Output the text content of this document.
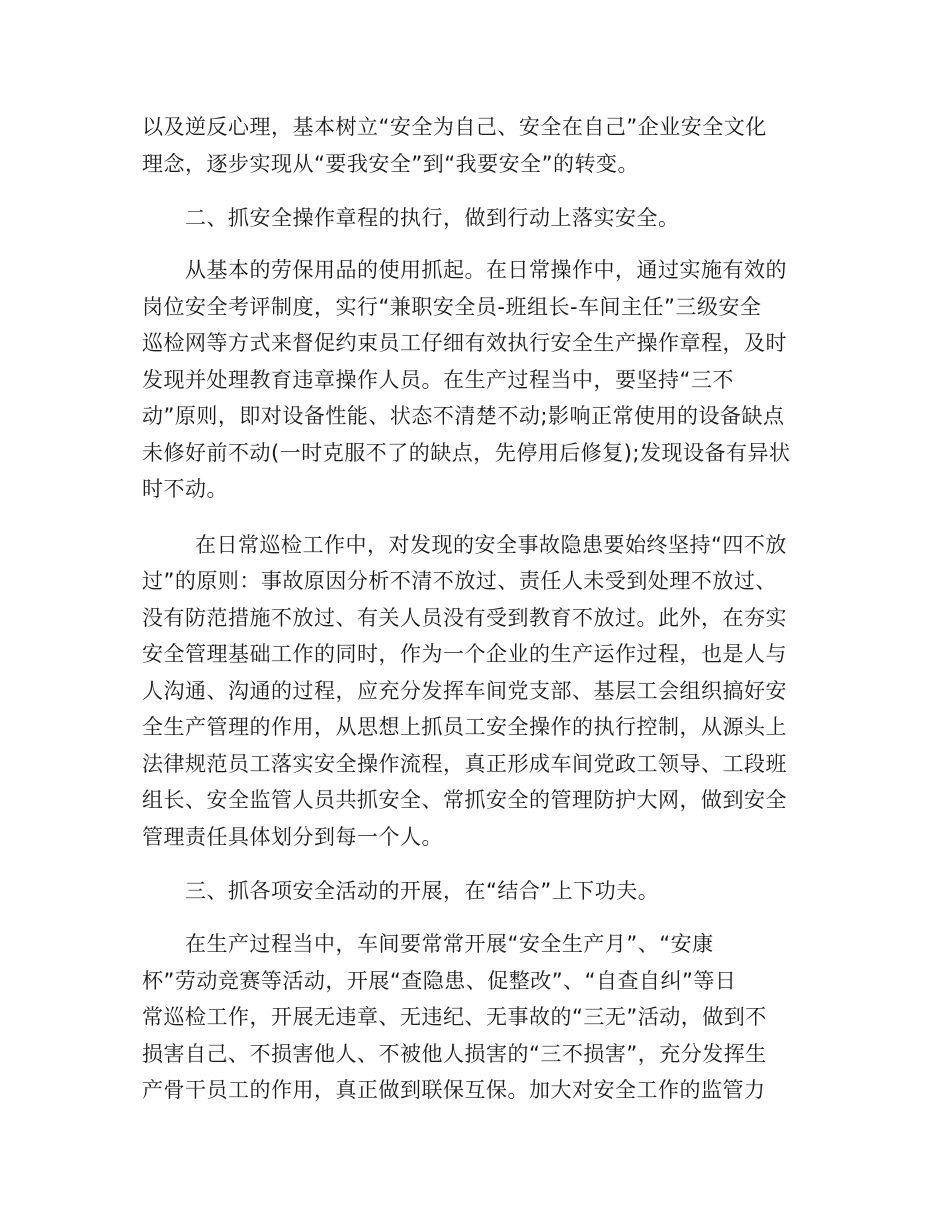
以及逆反心理，基本树立“安全为自己、安全在自己”企业安全文化
理念，逐步实现从“要我安全”到“我要安全”的转变。
二、抓安全操作章程的执行，做到行动上落实安全。
从基本的劳保用品的使用抓起。在日常操作中，通过实施有效的
岗位安全考评制度，实行“兼职安全员-班组长-车间主任”三级安全
巡检网等方式来督促约束员工仔细有效执行安全生产操作章程，及时
发现并处理教育违章操作人员。在生产过程当中，要坚持“三不
动”原则，即对设备性能、状态不清楚不动;影响正常使用的设备缺点
未修好前不动(一时克服不了的缺点，先停用后修复);发现设备有异状
时不动。
在日常巡检工作中，对发现的安全事故隐患要始终坚持“四不放
过”的原则：事故原因分析不清不放过、责任人未受到处理不放过、
没有防范措施不放过、有关人员没有受到教育不放过。此外，在夯实
安全管理基础工作的同时，作为一个企业的生产运作过程，也是人与
人沟通、沟通的过程，应充分发挥车间党支部、基层工会组织搞好安
全生产管理的作用，从思想上抓员工安全操作的执行控制，从源头上
法律规范员工落实安全操作流程，真正形成车间党政工领导、工段班
组长、安全监管人员共抓安全、常抓安全的管理防护大网，做到安全
管理责任具体划分到每一个人。
三、抓各项安全活动的开展，在“结合”上下功夫。
在生产过程当中，车间要常常开展“安全生产月”、“安康
杯”劳动竞赛等活动，开展“查隐患、促整改”、“自查自纠”等日
常巡检工作，开展无违章、无违纪、无事故的“三无”活动，做到不
损害自己、不损害他人、不被他人损害的“三不损害”，充分发挥生
产骨干员工的作用，真正做到联保互保。加大对安全工作的监管力
